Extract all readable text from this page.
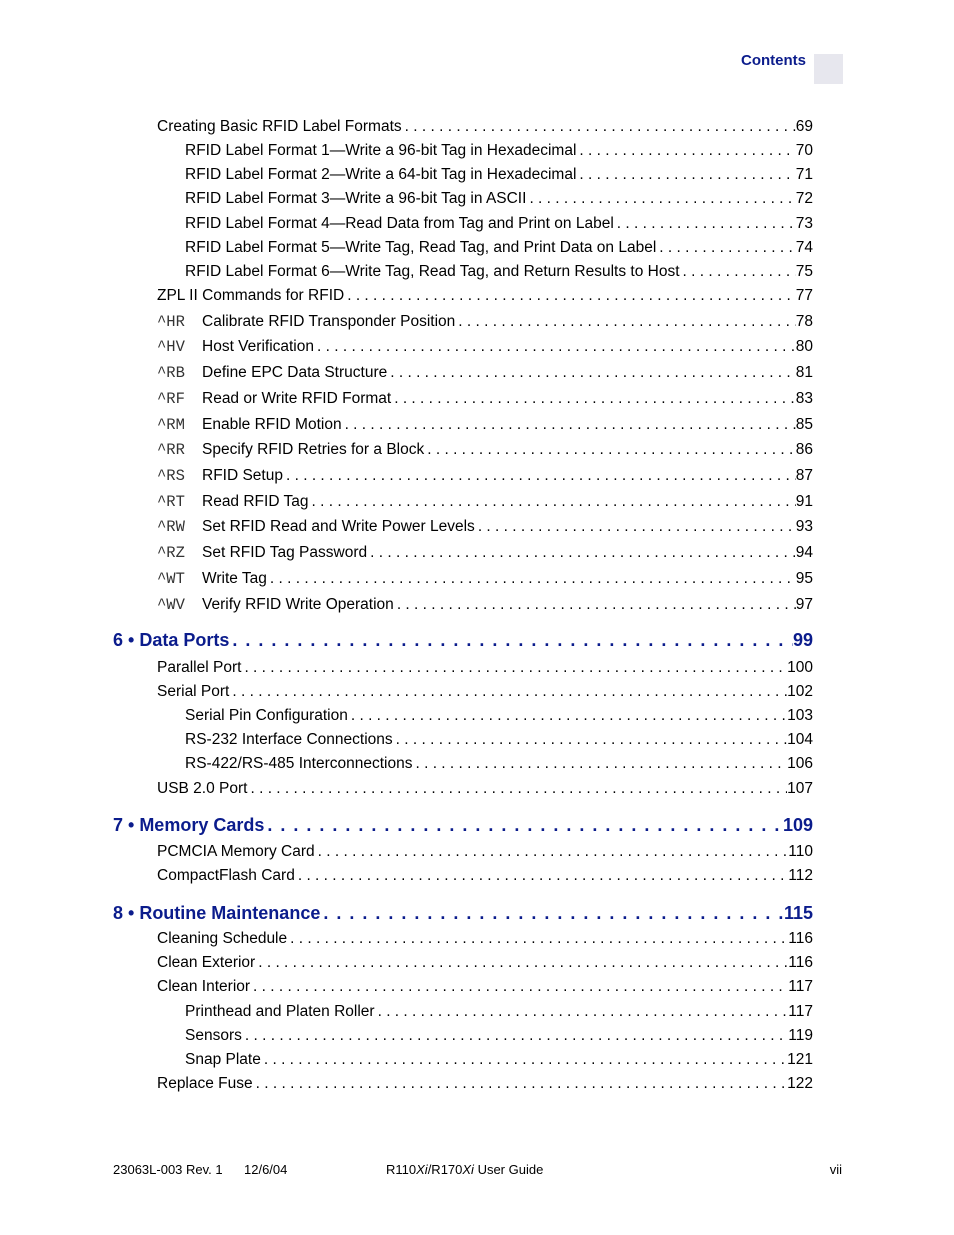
Contents
Creating Basic RFID Label Formats . . .	69
RFID Label Format 1—Write a 96-bit Tag in Hexadecimal . . .	70
RFID Label Format 2—Write a 64-bit Tag in Hexadecimal . . .	71
RFID Label Format 3—Write a 96-bit Tag in ASCII . . .	72
RFID Label Format 4—Read Data from Tag and Print on Label . . .	73
RFID Label Format 5—Write Tag, Read Tag, and Print Data on Label . . .	74
RFID Label Format 6—Write Tag, Read Tag, and Return Results to Host . . .	75
ZPL II Commands for RFID . . .	77
^HR	Calibrate RFID Transponder Position . . .	78
^HV	Host Verification . . .	80
^RB	Define EPC Data Structure . . .	81
^RF	Read or Write RFID Format . . .	83
^RM	Enable RFID Motion . . .	85
^RR	Specify RFID Retries for a Block . . .	86
^RS	RFID Setup . . .	87
^RT	Read RFID Tag . . .	91
^RW	Set RFID Read and Write Power Levels . . .	93
^RZ	Set RFID Tag Password . . .	94
^WT	Write Tag . . .	95
^WV	Verify RFID Write Operation . . .	97
6 • Data Ports . . .	99
Parallel Port . . .	100
Serial Port . . .	102
Serial Pin Configuration . . .	103
RS-232 Interface Connections . . .	104
RS-422/RS-485 Interconnections . . .	106
USB 2.0 Port . . .	107
7 • Memory Cards . . .	109
PCMCIA Memory Card . . .	110
CompactFlash Card . . .	112
8 • Routine Maintenance . . .	115
Cleaning Schedule . . .	116
Clean Exterior . . .	116
Clean Interior . . .	117
Printhead and Platen Roller . . .	117
Sensors . . .	119
Snap Plate . . .	121
Replace Fuse . . .	122
23063L-003 Rev. 1 12/6/04	R110Xi/R170Xi User Guide	vii
